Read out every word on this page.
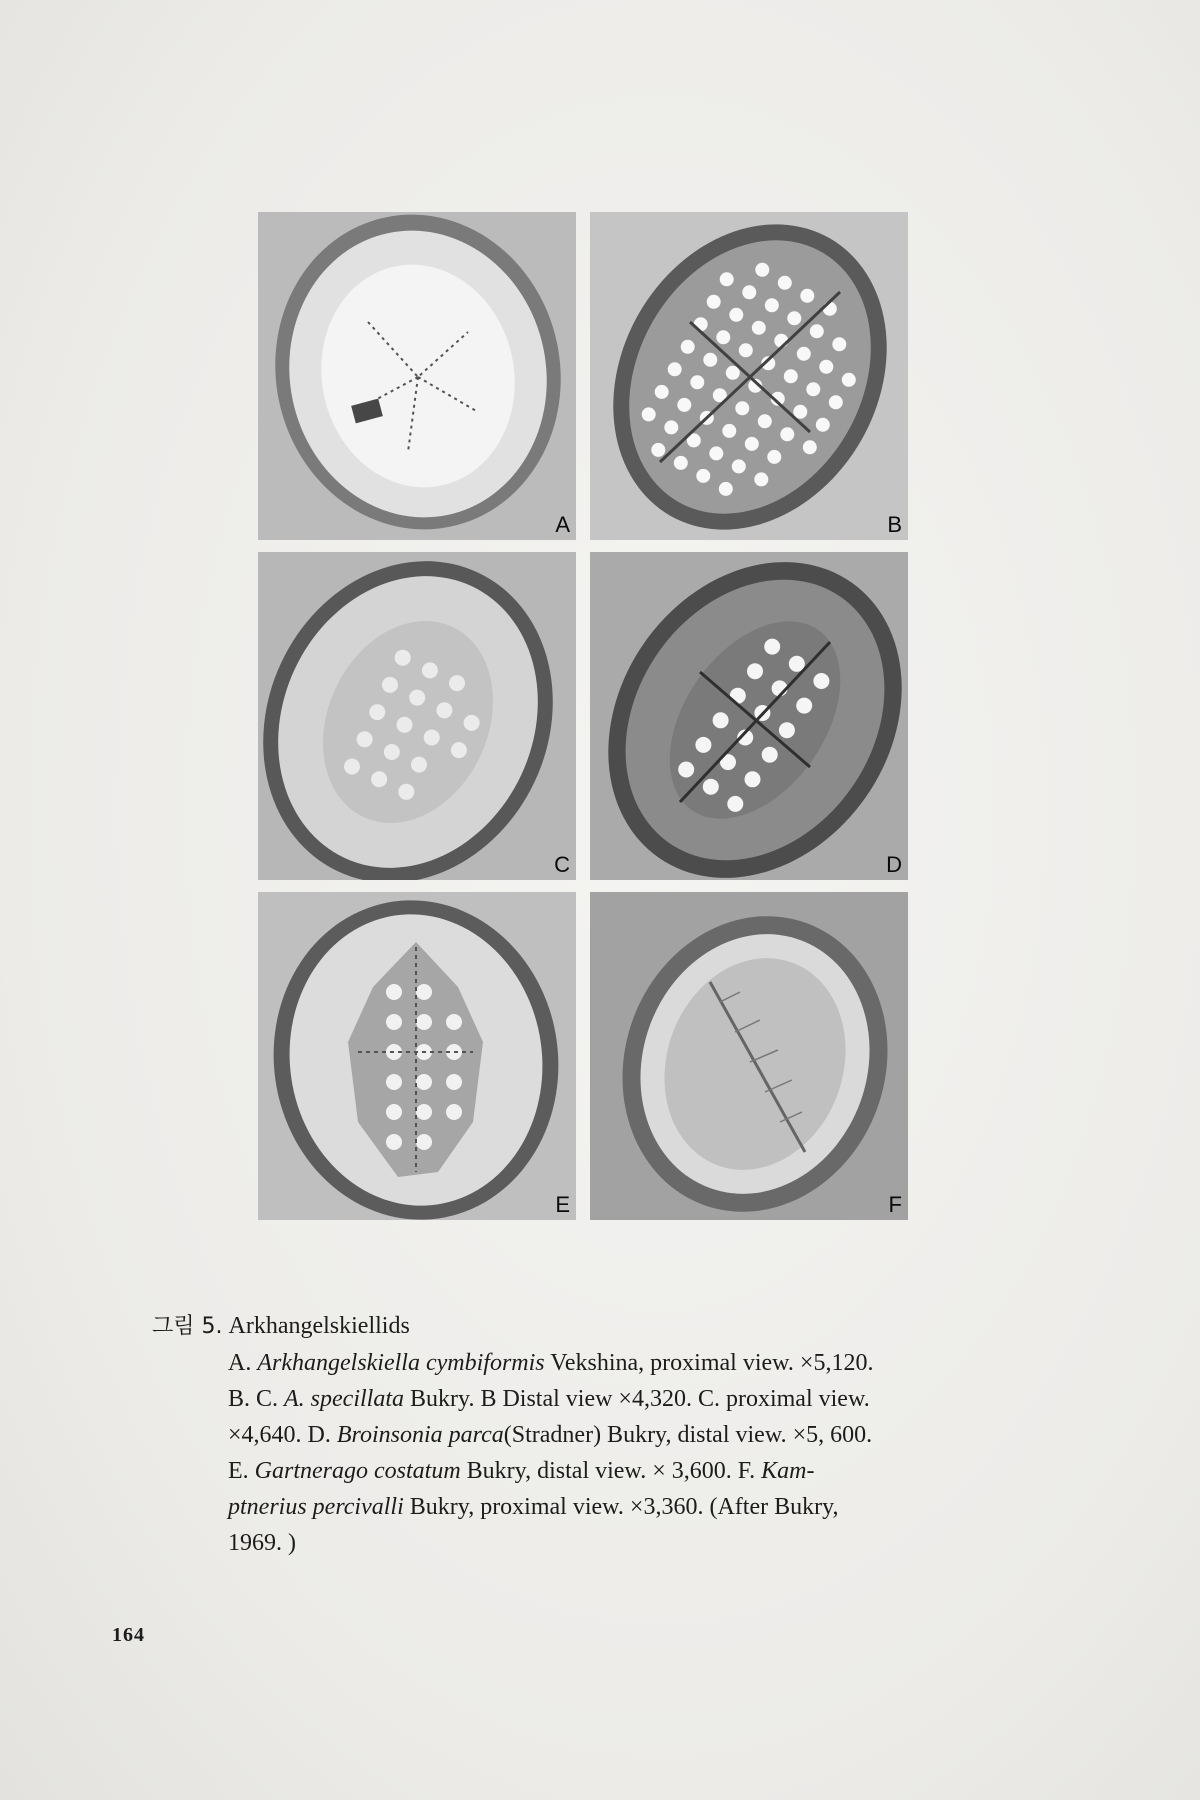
A	B
C	D
E	F
그림 5. Arkhangelskiellids
A. Arkhangelskiella cymbiformis Vekshina, proximal view. ×5,120.
B. C. A. specillata Bukry. B Distal view ×4,320. C. proximal view.
×4,640. D. Broinsonia parca(Stradner) Bukry, distal view. ×5, 600.
E. Gartnerago costatum Bukry, distal view. × 3,600. F. Kam-
ptnerius percivalli Bukry, proximal view. ×3,360. (After Bukry,
1969. )
164
